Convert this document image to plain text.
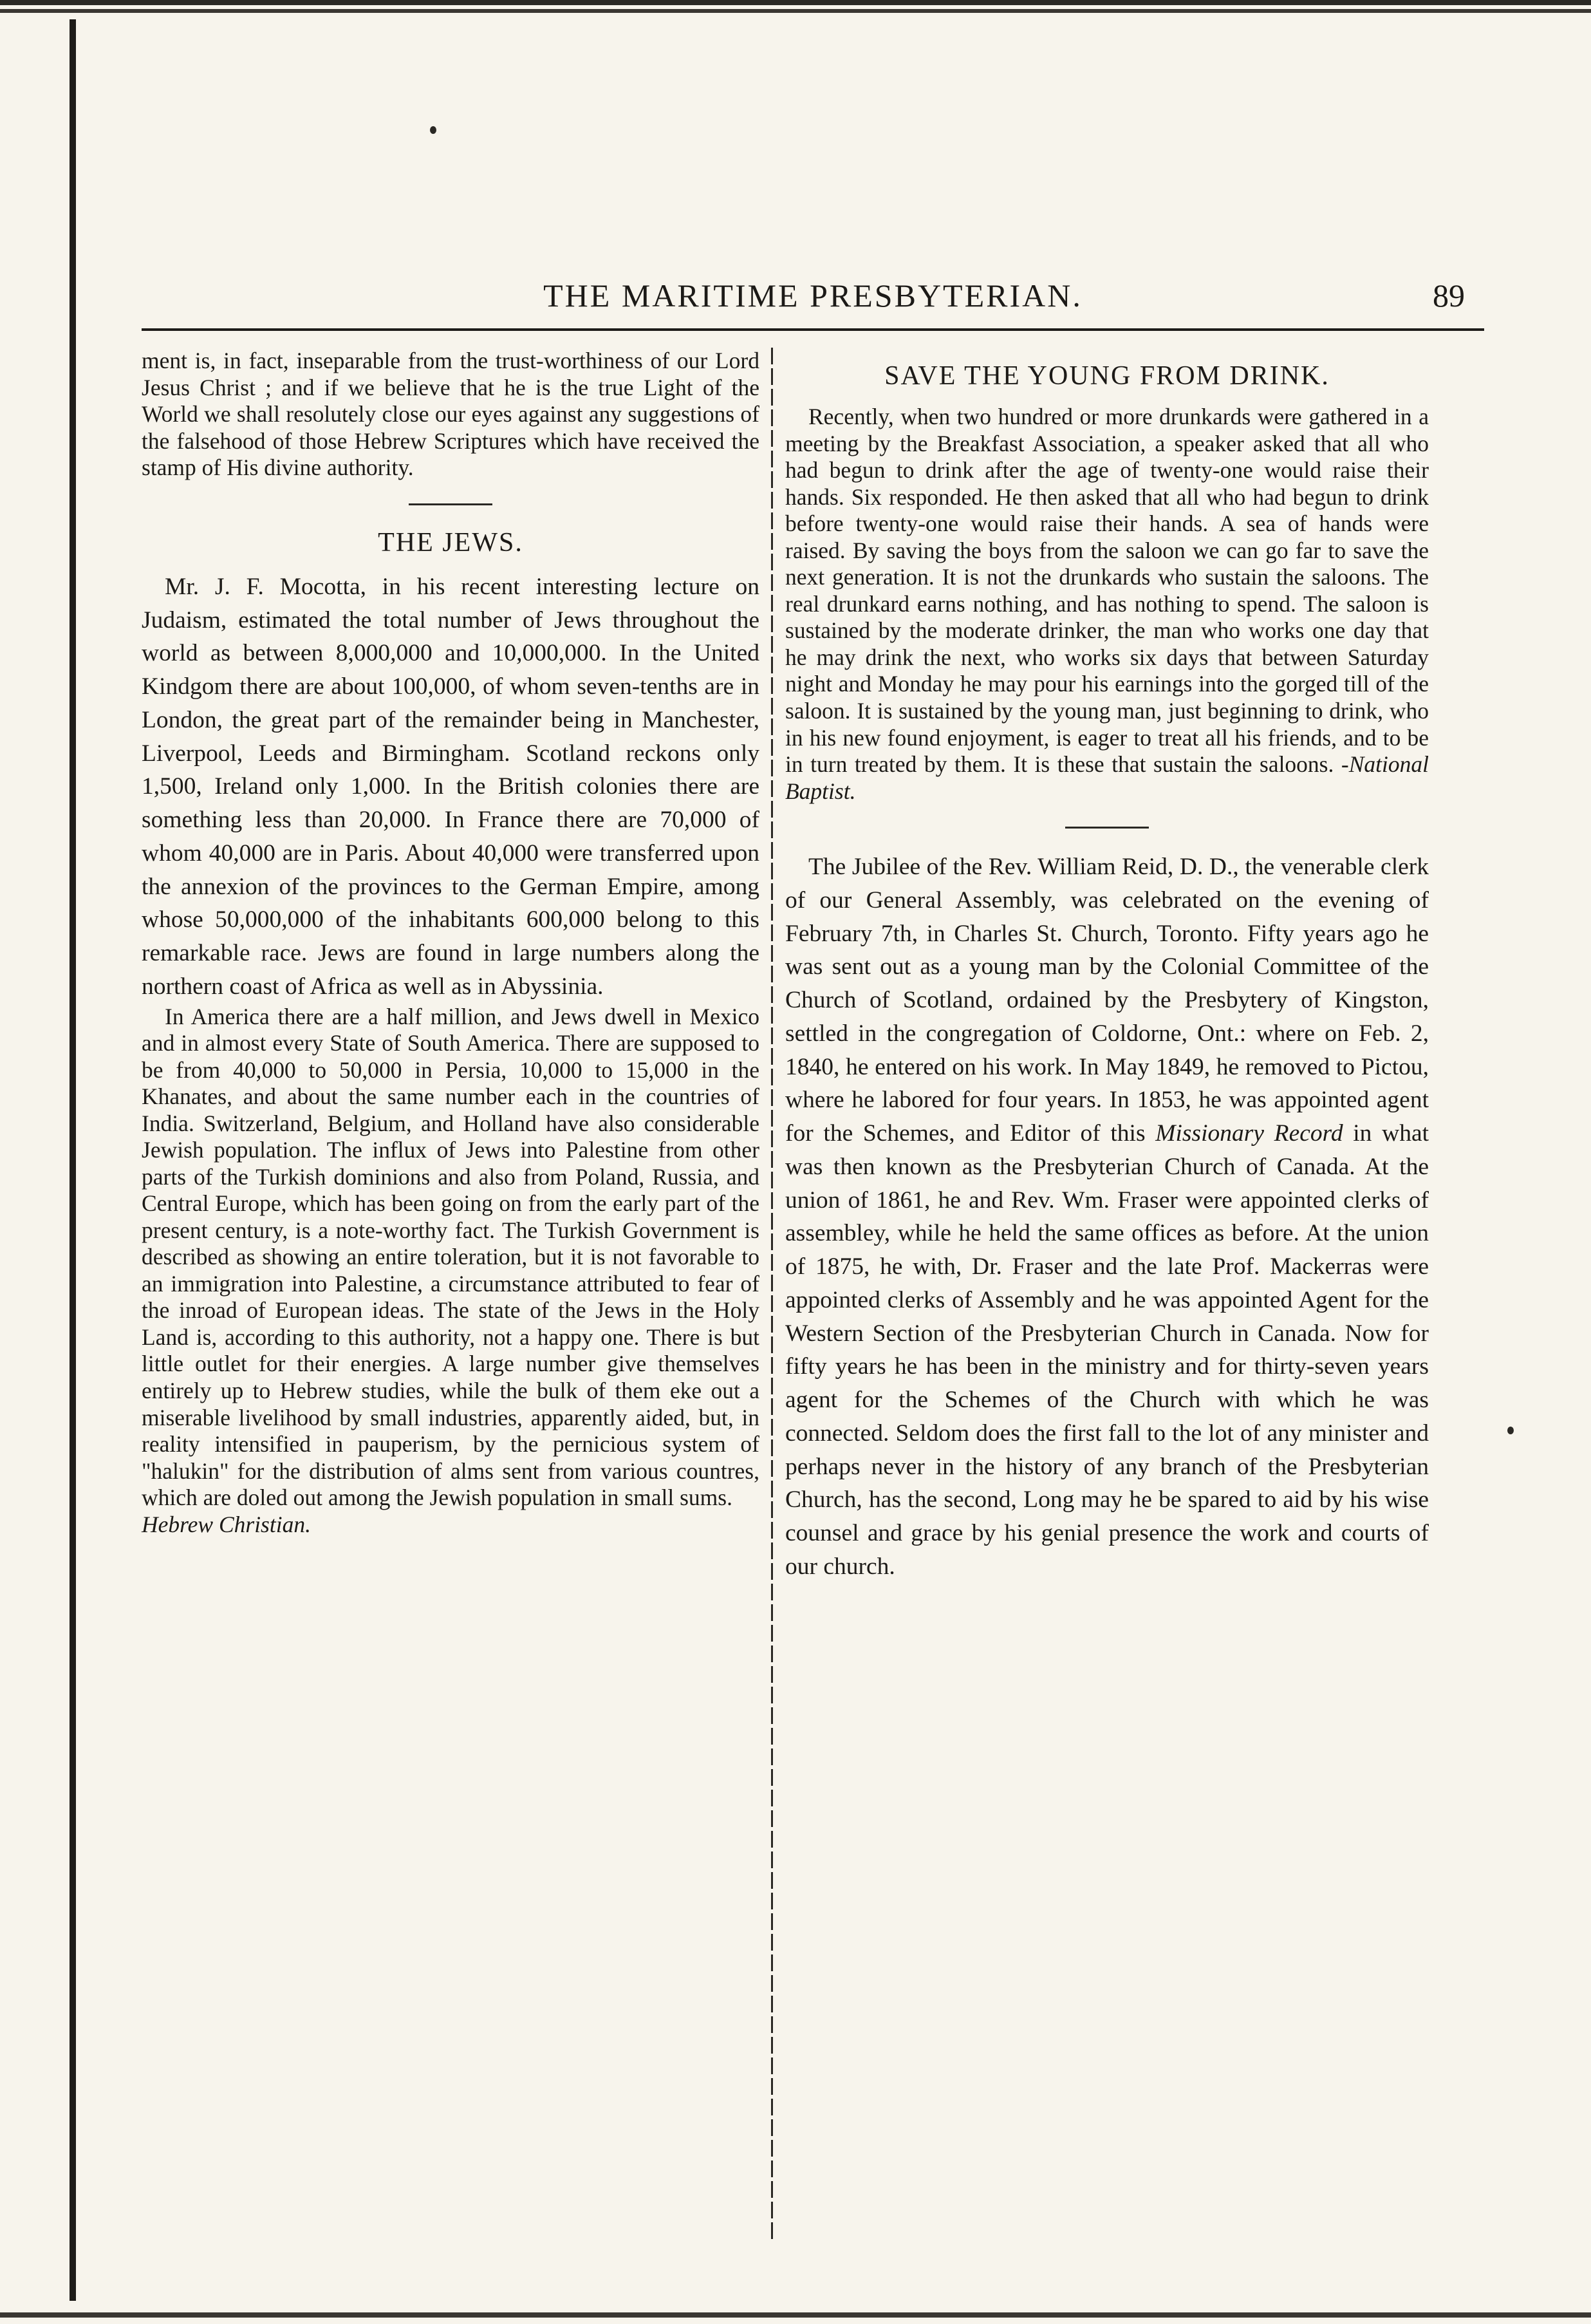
THE MARITIME PRESBYTERIAN.	89

ment is, in fact, inseparable from the trust-worthiness of our Lord Jesus Christ ; and if we believe that he is the true Light of the World we shall resolutely close our eyes against any suggestions of the falsehood of those Hebrew Scriptures which have received the stamp of His divine authority.

THE JEWS.

Mr. J. F. Mocotta, in his recent interesting lecture on Judaism, estimated the total number of Jews throughout the world as between 8,000,000 and 10,000,000. In the United Kindgom there are about 100,000, of whom seven-tenths are in London, the great part of the remainder being in Manchester, Liverpool, Leeds and Birmingham. Scotland reckons only 1,500, Ireland only 1,000. In the British colonies there are something less than 20,000. In France there are 70,000 of whom 40,000 are in Paris. About 40,000 were transferred upon the annexion of the provinces to the German Empire, among whose 50,000,000 of the inhabitants 600,000 belong to this remarkable race. Jews are found in large numbers along the northern coast of Africa as well as in Abyssinia.

In America there are a half million, and Jews dwell in Mexico and in almost every State of South America. There are supposed to be from 40,000 to 50,000 in Persia, 10,000 to 15,000 in the Khanates, and about the same number each in the countries of India. Switzerland, Belgium, and Holland have also considerable Jewish population. The influx of Jews into Palestine from other parts of the Turkish dominions and also from Poland, Russia, and Central Europe, which has been going on from the early part of the present century, is a note-worthy fact. The Turkish Government is described as showing an entire toleration, but it is not favorable to an immigration into Palestine, a circumstance attributed to fear of the inroad of European ideas. The state of the Jews in the Holy Land is, according to this authority, not a happy one. There is but little outlet for their energies. A large number give themselves entirely up to Hebrew studies, while the bulk of them eke out a miserable livelihood by small industries, apparently aided, but, in reality intensified in pauperism, by the pernicious system of "halukin" for the distribution of alms sent from various countres, which are doled out among the Jewish population in small sums.

Hebrew Christian.

SAVE THE YOUNG FROM DRINK.

Recently, when two hundred or more drunkards were gathered in a meeting by the Breakfast Association, a speaker asked that all who had begun to drink after the age of twenty-one would raise their hands. Six responded. He then asked that all who had begun to drink before twenty-one would raise their hands. A sea of hands were raised. By saving the boys from the saloon we can go far to save the next generation. It is not the drunkards who sustain the saloons. The real drunkard earns nothing, and has nothing to spend. The saloon is sustained by the moderate drinker, the man who works one day that he may drink the next, who works six days that between Saturday night and Monday he may pour his earnings into the gorged till of the saloon. It is sustained by the young man, just beginning to drink, who in his new found enjoyment, is eager to treat all his friends, and to be in turn treated by them. It is these that sustain the saloons. -National Baptist.

The Jubilee of the Rev. William Reid, D. D., the venerable clerk of our General Assembly, was celebrated on the evening of February 7th, in Charles St. Church, Toronto. Fifty years ago he was sent out as a young man by the Colonial Committee of the Church of Scotland, ordained by the Presbytery of Kingston, settled in the congregation of Coldorne, Ont.: where on Feb. 2, 1840, he entered on his work. In May 1849, he removed to Pictou, where he labored for four years. In 1853, he was appointed agent for the Schemes, and Editor of this Missionary Record in what was then known as the Presbyterian Church of Canada. At the union of 1861, he and Rev. Wm. Fraser were appointed clerks of assembley, while he held the same offices as before. At the union of 1875, he with, Dr. Fraser and the late Prof. Mackerras were appointed clerks of Assembly and he was appointed Agent for the Western Section of the Presbyterian Church in Canada. Now for fifty years he has been in the ministry and for thirty-seven years agent for the Schemes of the Church with which he was connected. Seldom does the first fall to the lot of any minister and perhaps never in the history of any branch of the Presbyterian Church, has the second, Long may he be spared to aid by his wise counsel and grace by his genial presence the work and courts of our church.
